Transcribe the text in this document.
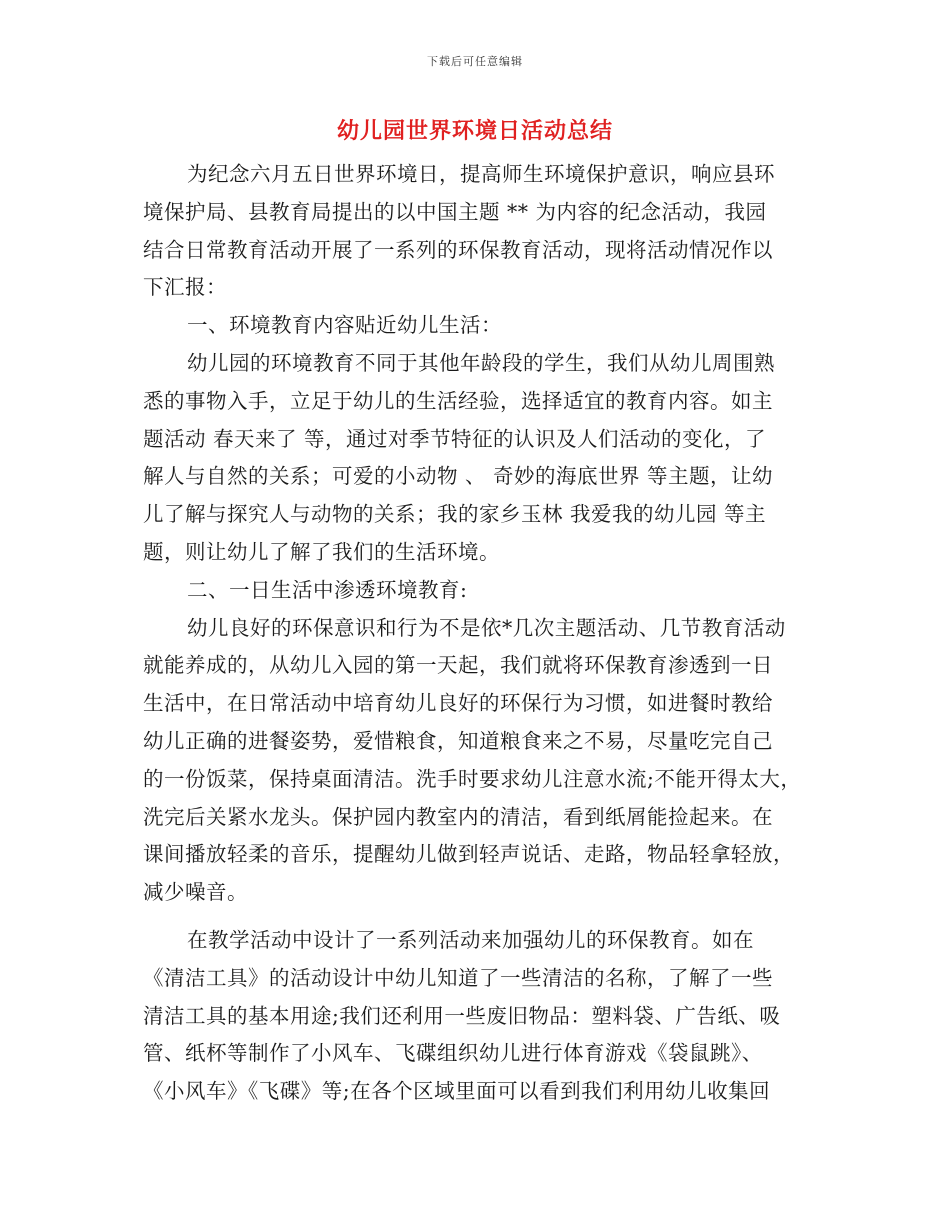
下载后可任意编辑
幼儿园世界环境日活动总结
为纪念六月五日世界环境日，提高师生环境保护意识，响应县环
境保护局、县教育局提出的以中国主题 ** 为内容的纪念活动，我园
结合日常教育活动开展了一系列的环保教育活动，现将活动情况作以
下汇报：
一、环境教育内容贴近幼儿生活：
幼儿园的环境教育不同于其他年龄段的学生，我们从幼儿周围熟
悉的事物入手，立足于幼儿的生活经验，选择适宜的教育内容。如主
题活动 春天来了 等，通过对季节特征的认识及人们活动的变化，了
解人与自然的关系；可爱的小动物 、 奇妙的海底世界 等主题，让幼
儿了解与探究人与动物的关系；我的家乡玉林 我爱我的幼儿园 等主
题，则让幼儿了解了我们的生活环境。
二、一日生活中渗透环境教育:
幼儿良好的环保意识和行为不是依*几次主题活动、几节教育活动
就能养成的，从幼儿入园的第一天起，我们就将环保教育渗透到一日
生活中，在日常活动中培育幼儿良好的环保行为习惯，如进餐时教给
幼儿正确的进餐姿势，爱惜粮食，知道粮食来之不易，尽量吃完自己
的一份饭菜，保持桌面清洁。洗手时要求幼儿注意水流;不能开得太大，
洗完后关紧水龙头。保护园内教室内的清洁，看到纸屑能捡起来。在
课间播放轻柔的音乐，提醒幼儿做到轻声说话、走路，物品轻拿轻放，
减少噪音。
在教学活动中设计了一系列活动来加强幼儿的环保教育。如在
《清洁工具》的活动设计中幼儿知道了一些清洁的名称，了解了一些
清洁工具的基本用途;我们还利用一些废旧物品：塑料袋、广告纸、吸
管、纸杯等制作了小风车、飞碟组织幼儿进行体育游戏《袋鼠跳》、
《小风车》《飞碟》等;在各个区域里面可以看到我们利用幼儿收集回
